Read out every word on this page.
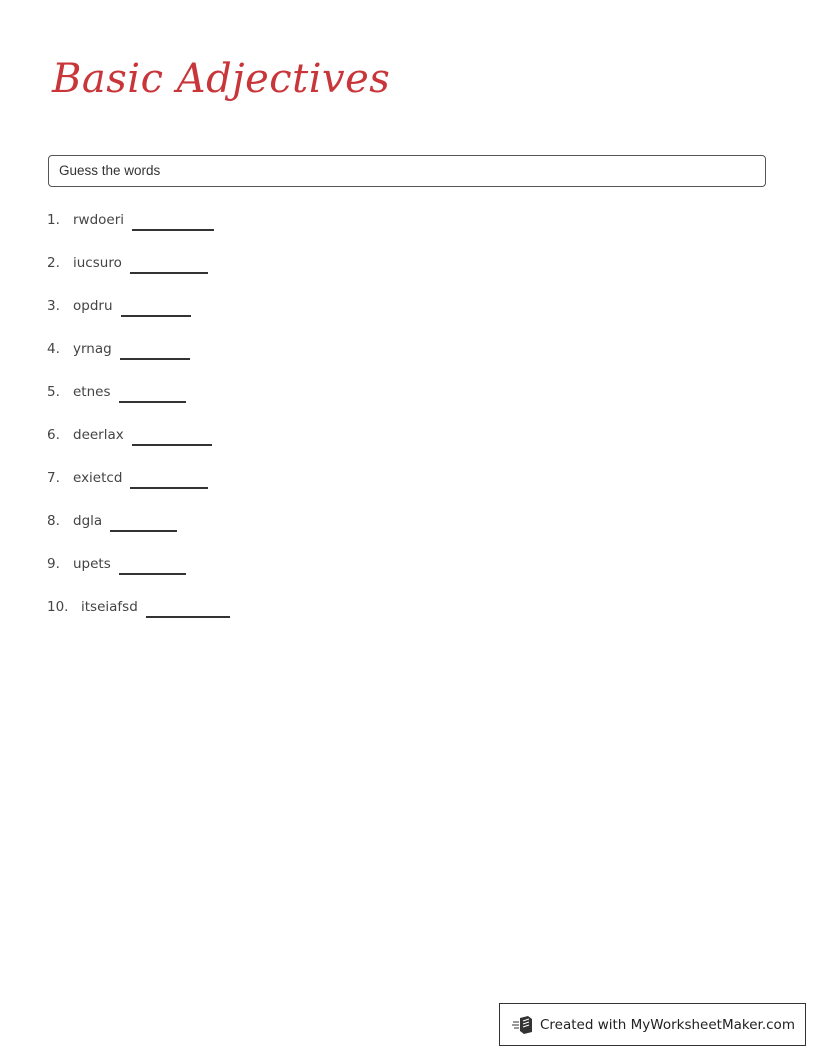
Basic Adjectives
Guess the words
1. rwdoeri
2. iucsuro
3. opdru
4. yrnag
5. etnes
6. deerlax
7. exietcd
8. dgla
9. upets
10. itseiafsd
Created with MyWorksheetMaker.com
